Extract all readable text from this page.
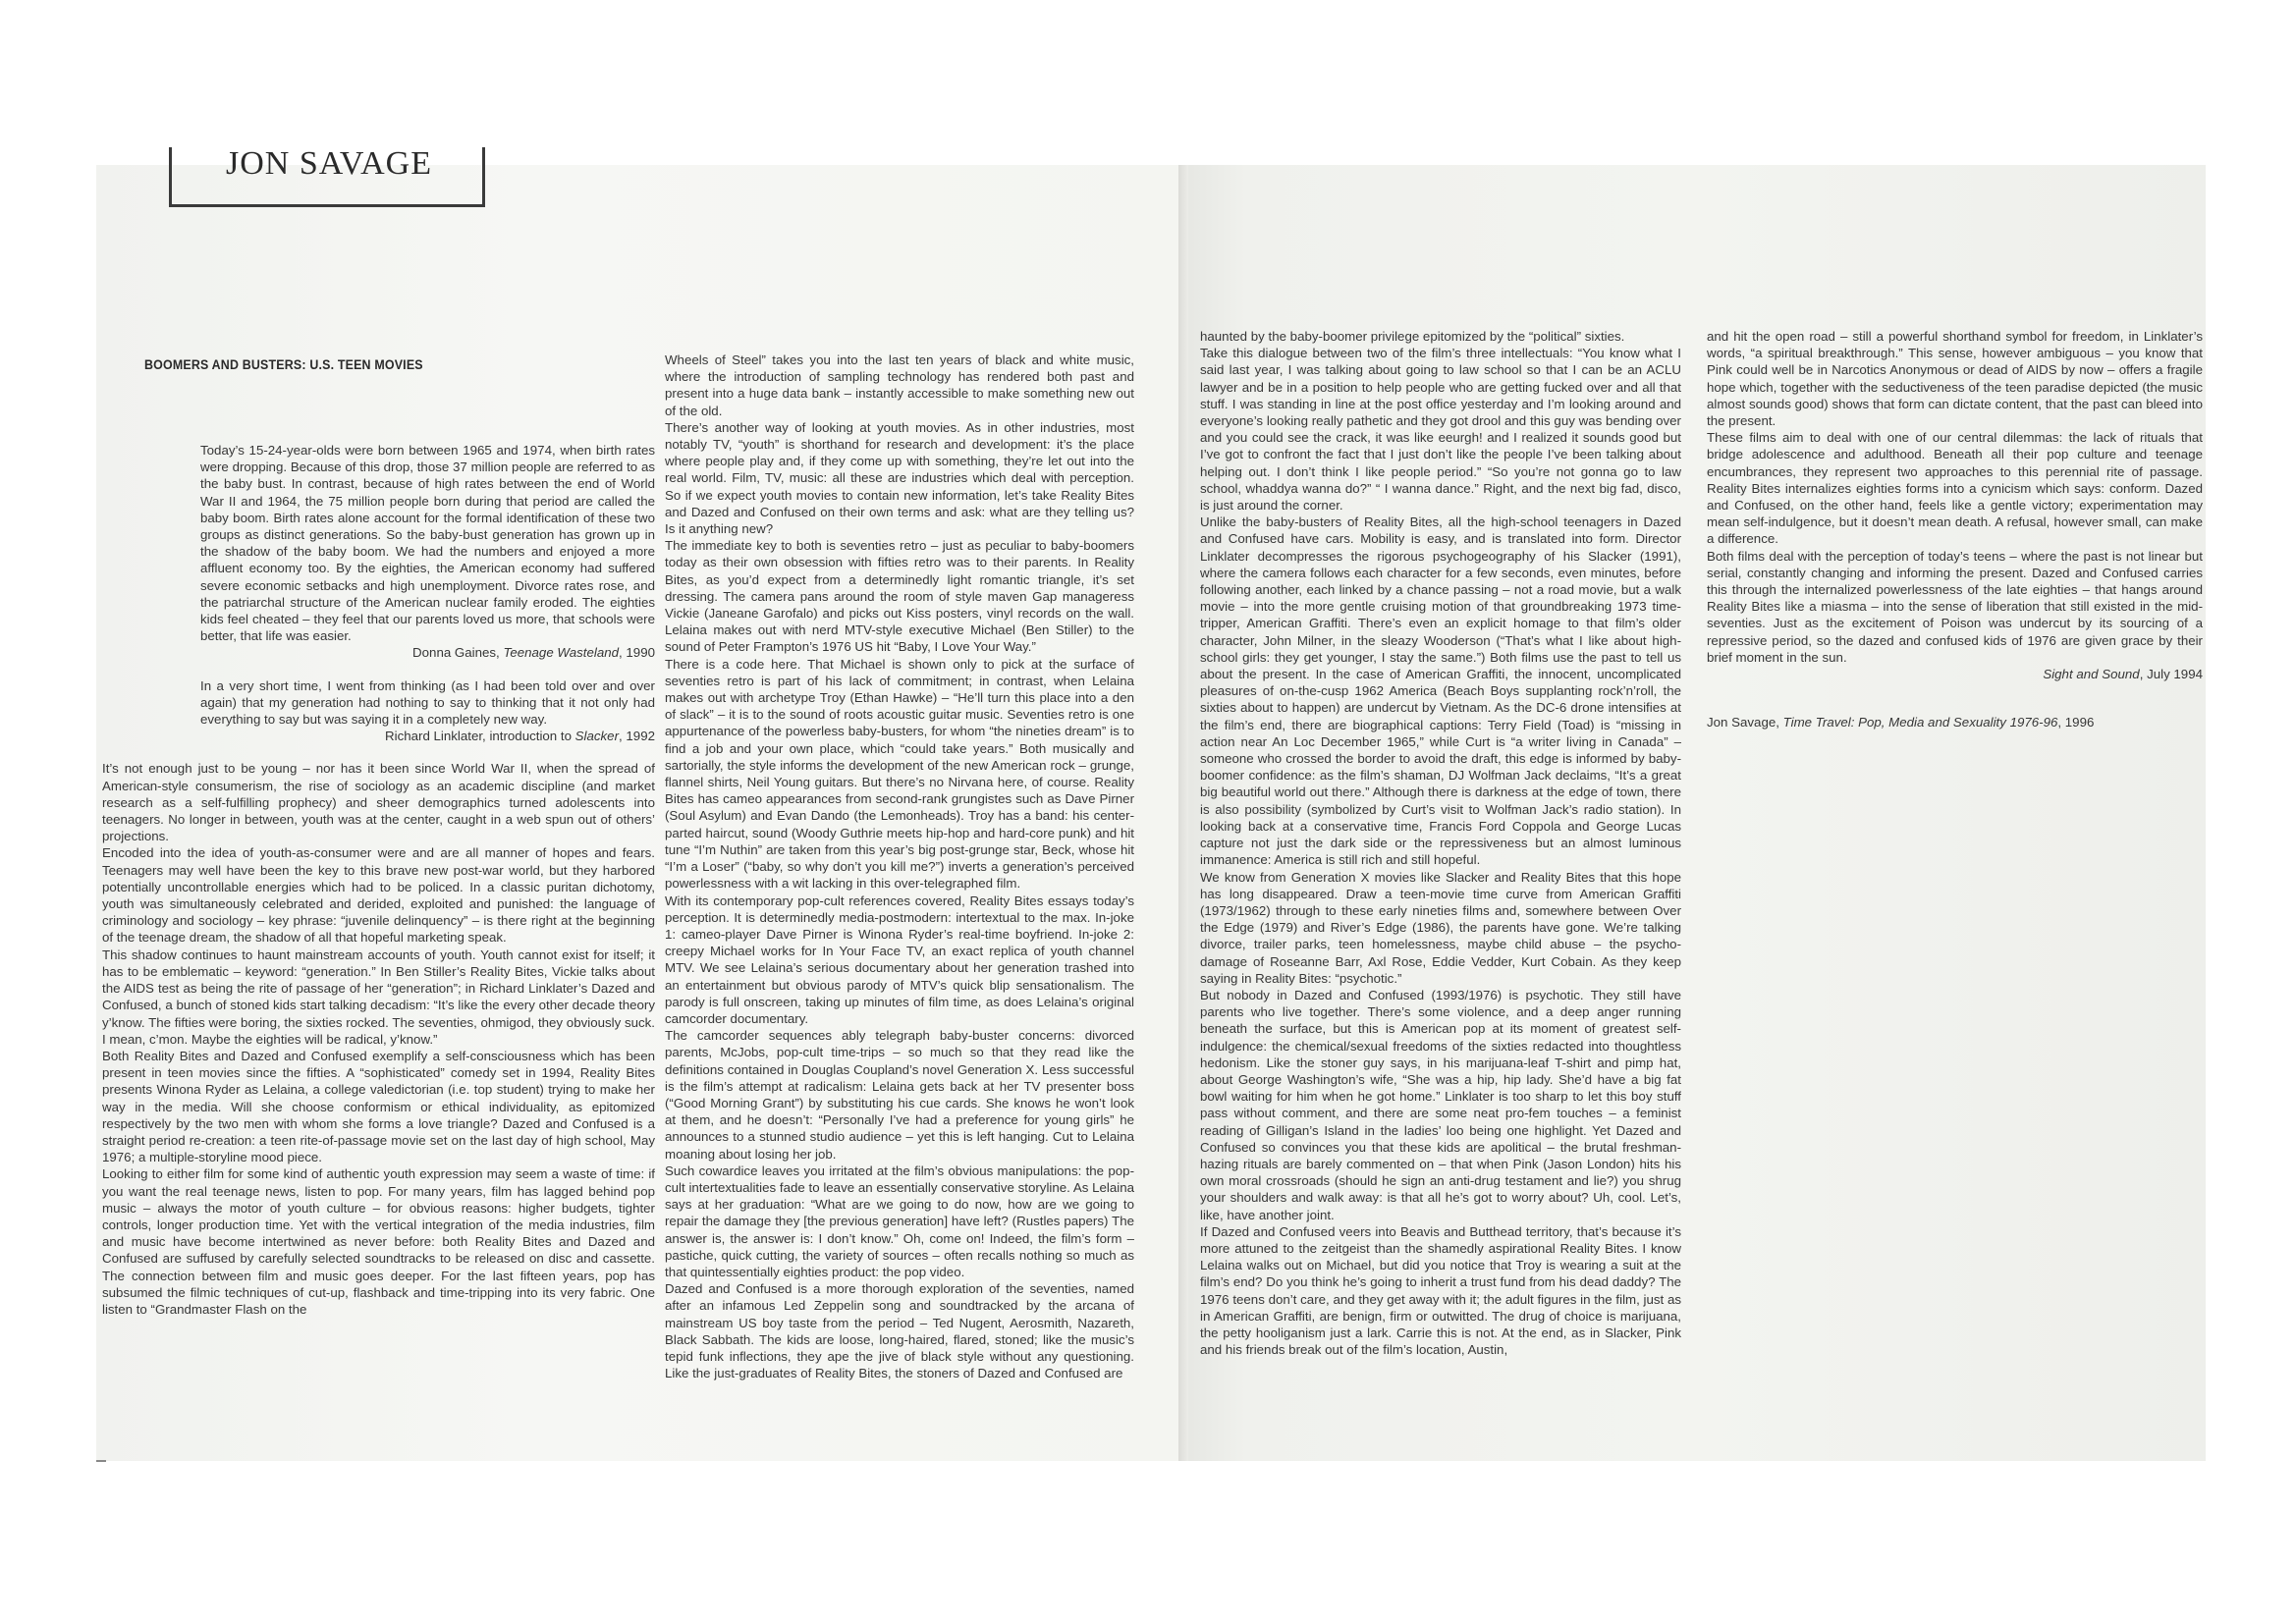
JON SAVAGE
BOOMERS AND BUSTERS: U.S. TEEN MOVIES

Today’s 15-24-year-olds were born between 1965 and 1974, when birth rates were dropping. Because of this drop, those 37 million people are referred to as the baby bust. In contrast, because of high rates between the end of World War II and 1964, the 75 million people born during that period are called the baby boom. Birth rates alone account for the formal identification of these two groups as distinct generations. So the baby-bust generation has grown up in the shadow of the baby boom. We had the numbers and enjoyed a more affluent economy too. By the eighties, the American economy had suffered severe economic setbacks and high unemployment. Divorce rates rose, and the patriarchal structure of the American nuclear family eroded. The eighties kids feel cheated – they feel that our parents loved us more, that schools were better, that life was easier.

Donna Gaines, Teenage Wasteland, 1990

In a very short time, I went from thinking (as I had been told over and over again) that my generation had nothing to say to thinking that it not only had everything to say but was saying it in a completely new way.

Richard Linklater, introduction to Slacker, 1992

It’s not enough just to be young – nor has it been since World War II, when the spread of American-style consumerism, the rise of sociology as an academic discipline (and market research as a self-fulfilling prophecy) and sheer demographics turned adolescents into teenagers. No longer in between, youth was at the center, caught in a web spun out of others’ projections.

Encoded into the idea of youth-as-consumer were and are all manner of hopes and fears. Teenagers may well have been the key to this brave new post-war world, but they harbored potentially uncontrollable energies which had to be policed. In a classic puritan dichotomy, youth was simultaneously celebrated and derided, exploited and punished: the language of criminology and sociology – key phrase: “juvenile delinquency” – is there right at the beginning of the teenage dream, the shadow of all that hopeful marketing speak.

This shadow continues to haunt mainstream accounts of youth. Youth cannot exist for itself; it has to be emblematic – keyword: “generation.” In Ben Stiller’s Reality Bites, Vickie talks about the AIDS test as being the rite of passage of her “generation”; in Richard Linklater’s Dazed and Confused, a bunch of stoned kids start talking decadism: “It’s like the every other decade theory y’know. The fifties were boring, the sixties rocked. The seventies, ohmigod, they obviously suck. I mean, c’mon. Maybe the eighties will be radical, y’know.”

Both Reality Bites and Dazed and Confused exemplify a self-consciousness which has been present in teen movies since the fifties. A “sophisticated” comedy set in 1994, Reality Bites presents Winona Ryder as Lelaina, a college valedictorian (i.e. top student) trying to make her way in the media. Will she choose conformism or ethical individuality, as epitomized respectively by the two men with whom she forms a love triangle? Dazed and Confused is a straight period re-creation: a teen rite-of-passage movie set on the last day of high school, May 1976; a multiple-storyline mood piece.

Looking to either film for some kind of authentic youth expression may seem a waste of time: if you want the real teenage news, listen to pop. For many years, film has lagged behind pop music – always the motor of youth culture – for obvious reasons: higher budgets, tighter controls, longer production time. Yet with the vertical integration of the media industries, film and music have become intertwined as never before: both Reality Bites and Dazed and Confused are suffused by carefully selected soundtracks to be released on disc and cassette. The connection between film and music goes deeper. For the last fifteen years, pop has subsumed the filmic techniques of cut-up, flashback and time-tripping into its very fabric. One listen to “Grandmaster Flash on the

Wheels of Steel” takes you into the last ten years of black and white music, where the introduction of sampling technology has rendered both past and present into a huge data bank – instantly accessible to make something new out of the old.

There’s another way of looking at youth movies. As in other industries, most notably TV, “youth” is shorthand for research and development: it’s the place where people play and, if they come up with something, they’re let out into the real world. Film, TV, music: all these are industries which deal with perception. So if we expect youth movies to contain new information, let’s take Reality Bites and Dazed and Confused on their own terms and ask: what are they telling us? Is it anything new?

The immediate key to both is seventies retro – just as peculiar to baby-boomers today as their own obsession with fifties retro was to their parents. In Reality Bites, as you’d expect from a determinedly light romantic triangle, it’s set dressing. The camera pans around the room of style maven Gap manageress Vickie (Janeane Garofalo) and picks out Kiss posters, vinyl records on the wall. Lelaina makes out with nerd MTV-style executive Michael (Ben Stiller) to the sound of Peter Frampton’s 1976 US hit “Baby, I Love Your Way.”

There is a code here. That Michael is shown only to pick at the surface of seventies retro is part of his lack of commitment; in contrast, when Lelaina makes out with archetype Troy (Ethan Hawke) – “He’ll turn this place into a den of slack” – it is to the sound of roots acoustic guitar music. Seventies retro is one appurtenance of the powerless baby-busters, for whom “the nineties dream” is to find a job and your own place, which “could take years.” Both musically and sartorially, the style informs the development of the new American rock – grunge, flannel shirts, Neil Young guitars. But there’s no Nirvana here, of course. Reality Bites has cameo appearances from second-rank grungistes such as Dave Pirner (Soul Asylum) and Evan Dando (the Lemonheads). Troy has a band: his center-parted haircut, sound (Woody Guthrie meets hip-hop and hard-core punk) and hit tune “I’m Nuthin” are taken from this year’s big post-grunge star, Beck, whose hit “I’m a Loser” (“baby, so why don’t you kill me?”) inverts a generation’s perceived powerlessness with a wit lacking in this over-telegraphed film.

With its contemporary pop-cult references covered, Reality Bites essays today’s perception. It is determinedly media-postmodern: intertextual to the max. In-joke 1: cameo-player Dave Pirner is Winona Ryder’s real-time boyfriend. In-joke 2: creepy Michael works for In Your Face TV, an exact replica of youth channel MTV. We see Lelaina’s serious documentary about her generation trashed into an entertainment but obvious parody of MTV’s quick blip sensationalism. The parody is full onscreen, taking up minutes of film time, as does Lelaina’s original camcorder documentary.

The camcorder sequences ably telegraph baby-buster concerns: divorced parents, McJobs, pop-cult time-trips – so much so that they read like the definitions contained in Douglas Coupland’s novel Generation X. Less successful is the film’s attempt at radicalism: Lelaina gets back at her TV presenter boss (“Good Morning Grant”) by substituting his cue cards. She knows he won’t look at them, and he doesn’t: “Personally I’ve had a preference for young girls” he announces to a stunned studio audience – yet this is left hanging. Cut to Lelaina moaning about losing her job.

Such cowardice leaves you irritated at the film’s obvious manipulations: the pop-cult intertextualities fade to leave an essentially conservative storyline. As Lelaina says at her graduation: “What are we going to do now, how are we going to repair the damage they [the previous generation] have left? (Rustles papers) The answer is, the answer is: I don’t know.” Oh, come on! Indeed, the film’s form – pastiche, quick cutting, the variety of sources – often recalls nothing so much as that quintessentially eighties product: the pop video.

Dazed and Confused is a more thorough exploration of the seventies, named after an infamous Led Zeppelin song and soundtracked by the arcana of mainstream US boy taste from the period – Ted Nugent, Aerosmith, Nazareth, Black Sabbath. The kids are loose, long-haired, flared, stoned; like the music’s tepid funk inflections, they ape the jive of black style without any questioning. Like the just-graduates of Reality Bites, the stoners of Dazed and Confused are

haunted by the baby-boomer privilege epitomized by the “political” sixties.

Take this dialogue between two of the film’s three intellectuals: “You know what I said last year, I was talking about going to law school so that I can be an ACLU lawyer and be in a position to help people who are getting fucked over and all that stuff. I was standing in line at the post office yesterday and I’m looking around and everyone’s looking really pathetic and they got drool and this guy was bending over and you could see the crack, it was like eeurgh! and I realized it sounds good but I’ve got to confront the fact that I just don’t like the people I’ve been talking about helping out. I don’t think I like people period.” “So you’re not gonna go to law school, whaddya wanna do?” “ I wanna dance.” Right, and the next big fad, disco, is just around the corner.

Unlike the baby-busters of Reality Bites, all the high-school teenagers in Dazed and Confused have cars. Mobility is easy, and is translated into form. Director Linklater decompresses the rigorous psychogeography of his Slacker (1991), where the camera follows each character for a few seconds, even minutes, before following another, each linked by a chance passing – not a road movie, but a walk movie – into the more gentle cruising motion of that groundbreaking 1973 time-tripper, American Graffiti. There’s even an explicit homage to that film’s older character, John Milner, in the sleazy Wooderson (“That’s what I like about high-school girls: they get younger, I stay the same.”) Both films use the past to tell us about the present. In the case of American Graffiti, the innocent, uncomplicated pleasures of on-the-cusp 1962 America (Beach Boys supplanting rock’n’roll, the sixties about to happen) are undercut by Vietnam. As the DC-6 drone intensifies at the film’s end, there are biographical captions: Terry Field (Toad) is “missing in action near An Loc December 1965,” while Curt is “a writer living in Canada” – someone who crossed the border to avoid the draft, this edge is informed by baby-boomer confidence: as the film’s shaman, DJ Wolfman Jack declaims, “It’s a great big beautiful world out there.” Although there is darkness at the edge of town, there is also possibility (symbolized by Curt’s visit to Wolfman Jack’s radio station). In looking back at a conservative time, Francis Ford Coppola and George Lucas capture not just the dark side or the repressiveness but an almost luminous immanence: America is still rich and still hopeful.

We know from Generation X movies like Slacker and Reality Bites that this hope has long disappeared. Draw a teen-movie time curve from American Graffiti (1973/1962) through to these early nineties films and, somewhere between Over the Edge (1979) and River’s Edge (1986), the parents have gone. We’re talking divorce, trailer parks, teen homelessness, maybe child abuse – the psycho-damage of Roseanne Barr, Axl Rose, Eddie Vedder, Kurt Cobain. As they keep saying in Reality Bites: “psychotic.”

But nobody in Dazed and Confused (1993/1976) is psychotic. They still have parents who live together. There’s some violence, and a deep anger running beneath the surface, but this is American pop at its moment of greatest self-indulgence: the chemical/sexual freedoms of the sixties redacted into thoughtless hedonism. Like the stoner guy says, in his marijuana-leaf T-shirt and pimp hat, about George Washington’s wife, “She was a hip, hip lady. She’d have a big fat bowl waiting for him when he got home.” Linklater is too sharp to let this boy stuff pass without comment, and there are some neat pro-fem touches – a feminist reading of Gilligan’s Island in the ladies’ loo being one highlight. Yet Dazed and Confused so convinces you that these kids are apolitical – the brutal freshman-hazing rituals are barely commented on – that when Pink (Jason London) hits his own moral crossroads (should he sign an anti-drug testament and lie?) you shrug your shoulders and walk away: is that all he’s got to worry about? Uh, cool. Let’s, like, have another joint.

If Dazed and Confused veers into Beavis and Butthead territory, that’s because it’s more attuned to the zeitgeist than the shamedly aspirational Reality Bites. I know Lelaina walks out on Michael, but did you notice that Troy is wearing a suit at the film’s end? Do you think he’s going to inherit a trust fund from his dead daddy? The 1976 teens don’t care, and they get away with it; the adult figures in the film, just as in American Graffiti, are benign, firm or outwitted. The drug of choice is marijuana, the petty hooliganism just a lark. Carrie this is not. At the end, as in Slacker, Pink and his friends break out of the film’s location, Austin,

and hit the open road – still a powerful shorthand symbol for freedom, in Linklater’s words, “a spiritual breakthrough.” This sense, however ambiguous – you know that Pink could well be in Narcotics Anonymous or dead of AIDS by now – offers a fragile hope which, together with the seductiveness of the teen paradise depicted (the music almost sounds good) shows that form can dictate content, that the past can bleed into the present.

These films aim to deal with one of our central dilemmas: the lack of rituals that bridge adolescence and adulthood. Beneath all their pop culture and teenage encumbrances, they represent two approaches to this perennial rite of passage. Reality Bites internalizes eighties forms into a cynicism which says: conform. Dazed and Confused, on the other hand, feels like a gentle victory; experimentation may mean self-indulgence, but it doesn’t mean death. A refusal, however small, can make a difference.

Both films deal with the perception of today’s teens – where the past is not linear but serial, constantly changing and informing the present. Dazed and Confused carries this through the internalized powerlessness of the late eighties – that hangs around Reality Bites like a miasma – into the sense of liberation that still existed in the mid-seventies. Just as the excitement of Poison was undercut by its sourcing of a repressive period, so the dazed and confused kids of 1976 are given grace by their brief moment in the sun.

Sight and Sound, July 1994

Jon Savage, Time Travel: Pop, Media and Sexuality 1976-96, 1996
